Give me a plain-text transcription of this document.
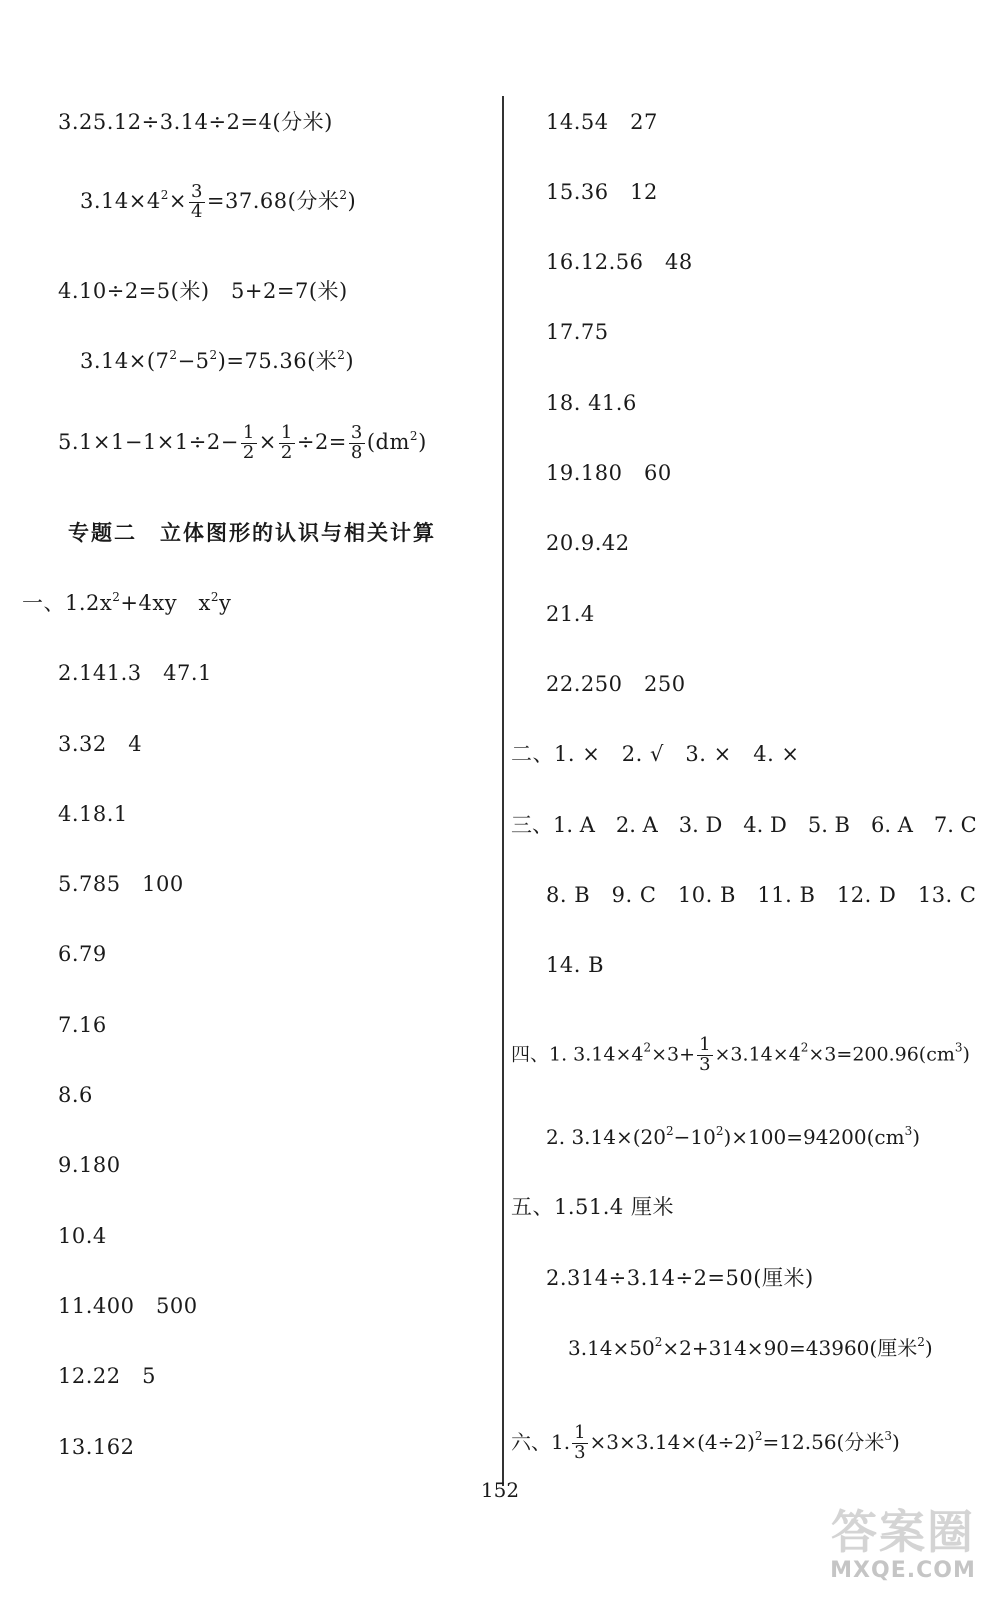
3.25.12÷3.14÷2=4(分米)
$3.14\times 4^2\times \frac{3}{4} =37.68$(分米$^2$)
4.10÷2=5(米)　5+2=7(米)
$3.14\times(7^2-5^2)=75.36$(米$^2$)
$5.1\times 1-1\times 1\div 2- \frac{1}{2} \times \frac{1}{2} \div 2= \frac{3}{8} (dm^2)$
专题二　立体图形的认识与相关计算
一、$1.2x^2+4xy$　$x^2y$
2.141.3　47.1
3.32　4
4.18.1
5.785　100
6.79
7.16
8.6
9.180
10.4
11.400　500
12.22　5
13.162
14.54　27
15.36　12
16.12.56　48
17.75
18. 41.6
19.180　60
20.9.42
21.4
22.250　250
二、1. ×　2. √　3. ×　4. ×
三、1. A　2. A　3. D　4. D　5. B　6. A　7. C
8. B　9. C　10. B　11. B　12. D　13. C
14. B
四、1. $3.14\times 4^2\times 3+ \frac{1}{3} \times 3.14\times 4^2\times 3=200.96(cm^3)$
2. $3.14\times(20^2-10^2)\times 100=94200(cm^3)$
五、1.51.4 厘米
2.314÷3.14÷2=50(厘米)
$3.14\times 50^2\times 2+314\times 90=43960$(厘米$^2$)
六、1. $\frac{1}{3} \times 3\times 3.14\times(4\div 2)^2=12.56$(分米$^3$)
152
答案圈
MXQE.COM
